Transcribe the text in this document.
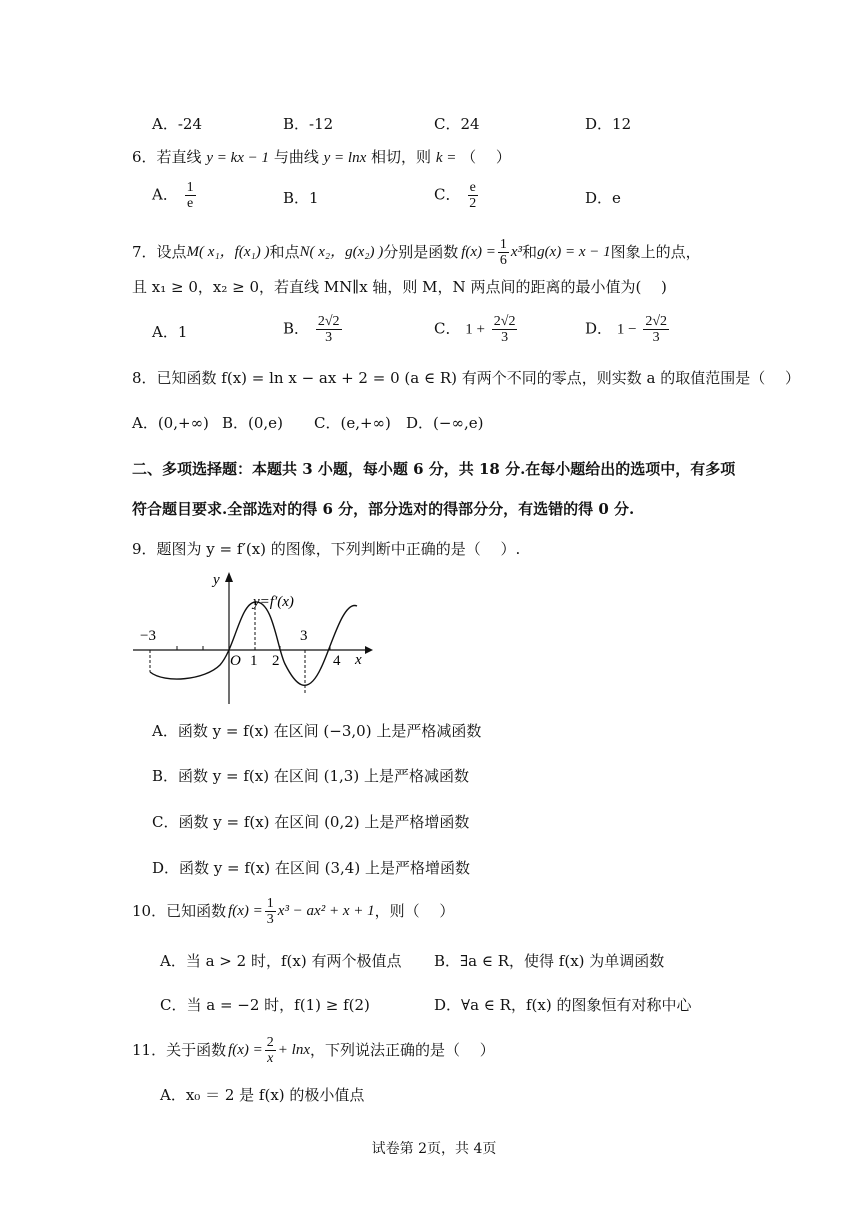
A．-24	B．-12	C．24	D．12
6．若直线 y = kx − 1 与曲线 y = lnx 相切，则 k = （　 ）
A． $\frac{1}{e}$	B．1	C． $\frac{e}{2}$	D．e
7．设点 M( x₁，f(x₁) ) 和点 N( x₂，g(x₂) ) 分别是函数 $f(x) = \frac{1}{6} x^3$ 和 g(x) = x − 1 图象上的点，
且 x₁ ≥ 0，x₂ ≥ 0，若直线 MN∥x 轴，则 M，N 两点间的距离的最小值为(　 )
A．1	B． $\frac{2√2}{3}$	C． $1 + \frac{2√2}{3}$	D． $1 - \frac{2√2}{3}$
8．已知函数 f(x) = ln x − ax + 2 = 0 (a ∈ R) 有两个不同的零点，则实数 a 的取值范围是（　 ）
A．(0,+∞) B．(0,e) C．(e,+∞) D．(−∞,e)
二、多项选择题：本题共 3 小题，每小题 6 分，共 18 分.在每小题给出的选项中，有多项
符合题目要求.全部选对的得 6 分，部分选对的得部分分，有选错的得 0 分.
9．题图为 y = f′(x) 的图像，下列判断中正确的是（　 ）.
y
x
O
y=f′(x)
−3
1 2
3
4
A．函数 y = f(x) 在区间 (−3,0) 上是严格减函数
B．函数 y = f(x) 在区间 (1,3) 上是严格减函数
C．函数 y = f(x) 在区间 (0,2) 上是严格增函数
D．函数 y = f(x) 在区间 (3,4) 上是严格增函数
10．已知函数 $f(x) = \frac{1}{3} x^3 - ax^2 + x + 1$ ，则（　 ）
A．当 a > 2 时，f(x) 有两个极值点 B．∃a ∈ R，使得 f(x) 为单调函数
C．当 a = −2 时，f(1) ≥ f(2)	D．∀a ∈ R，f(x) 的图象恒有对称中心
11．关于函数 $f(x) = \frac{2}{x} + \ln x$ ，下列说法正确的是（　 ）
A．x₀ ＝ 2 是 f(x) 的极小值点
试卷第 2页，共 4页
